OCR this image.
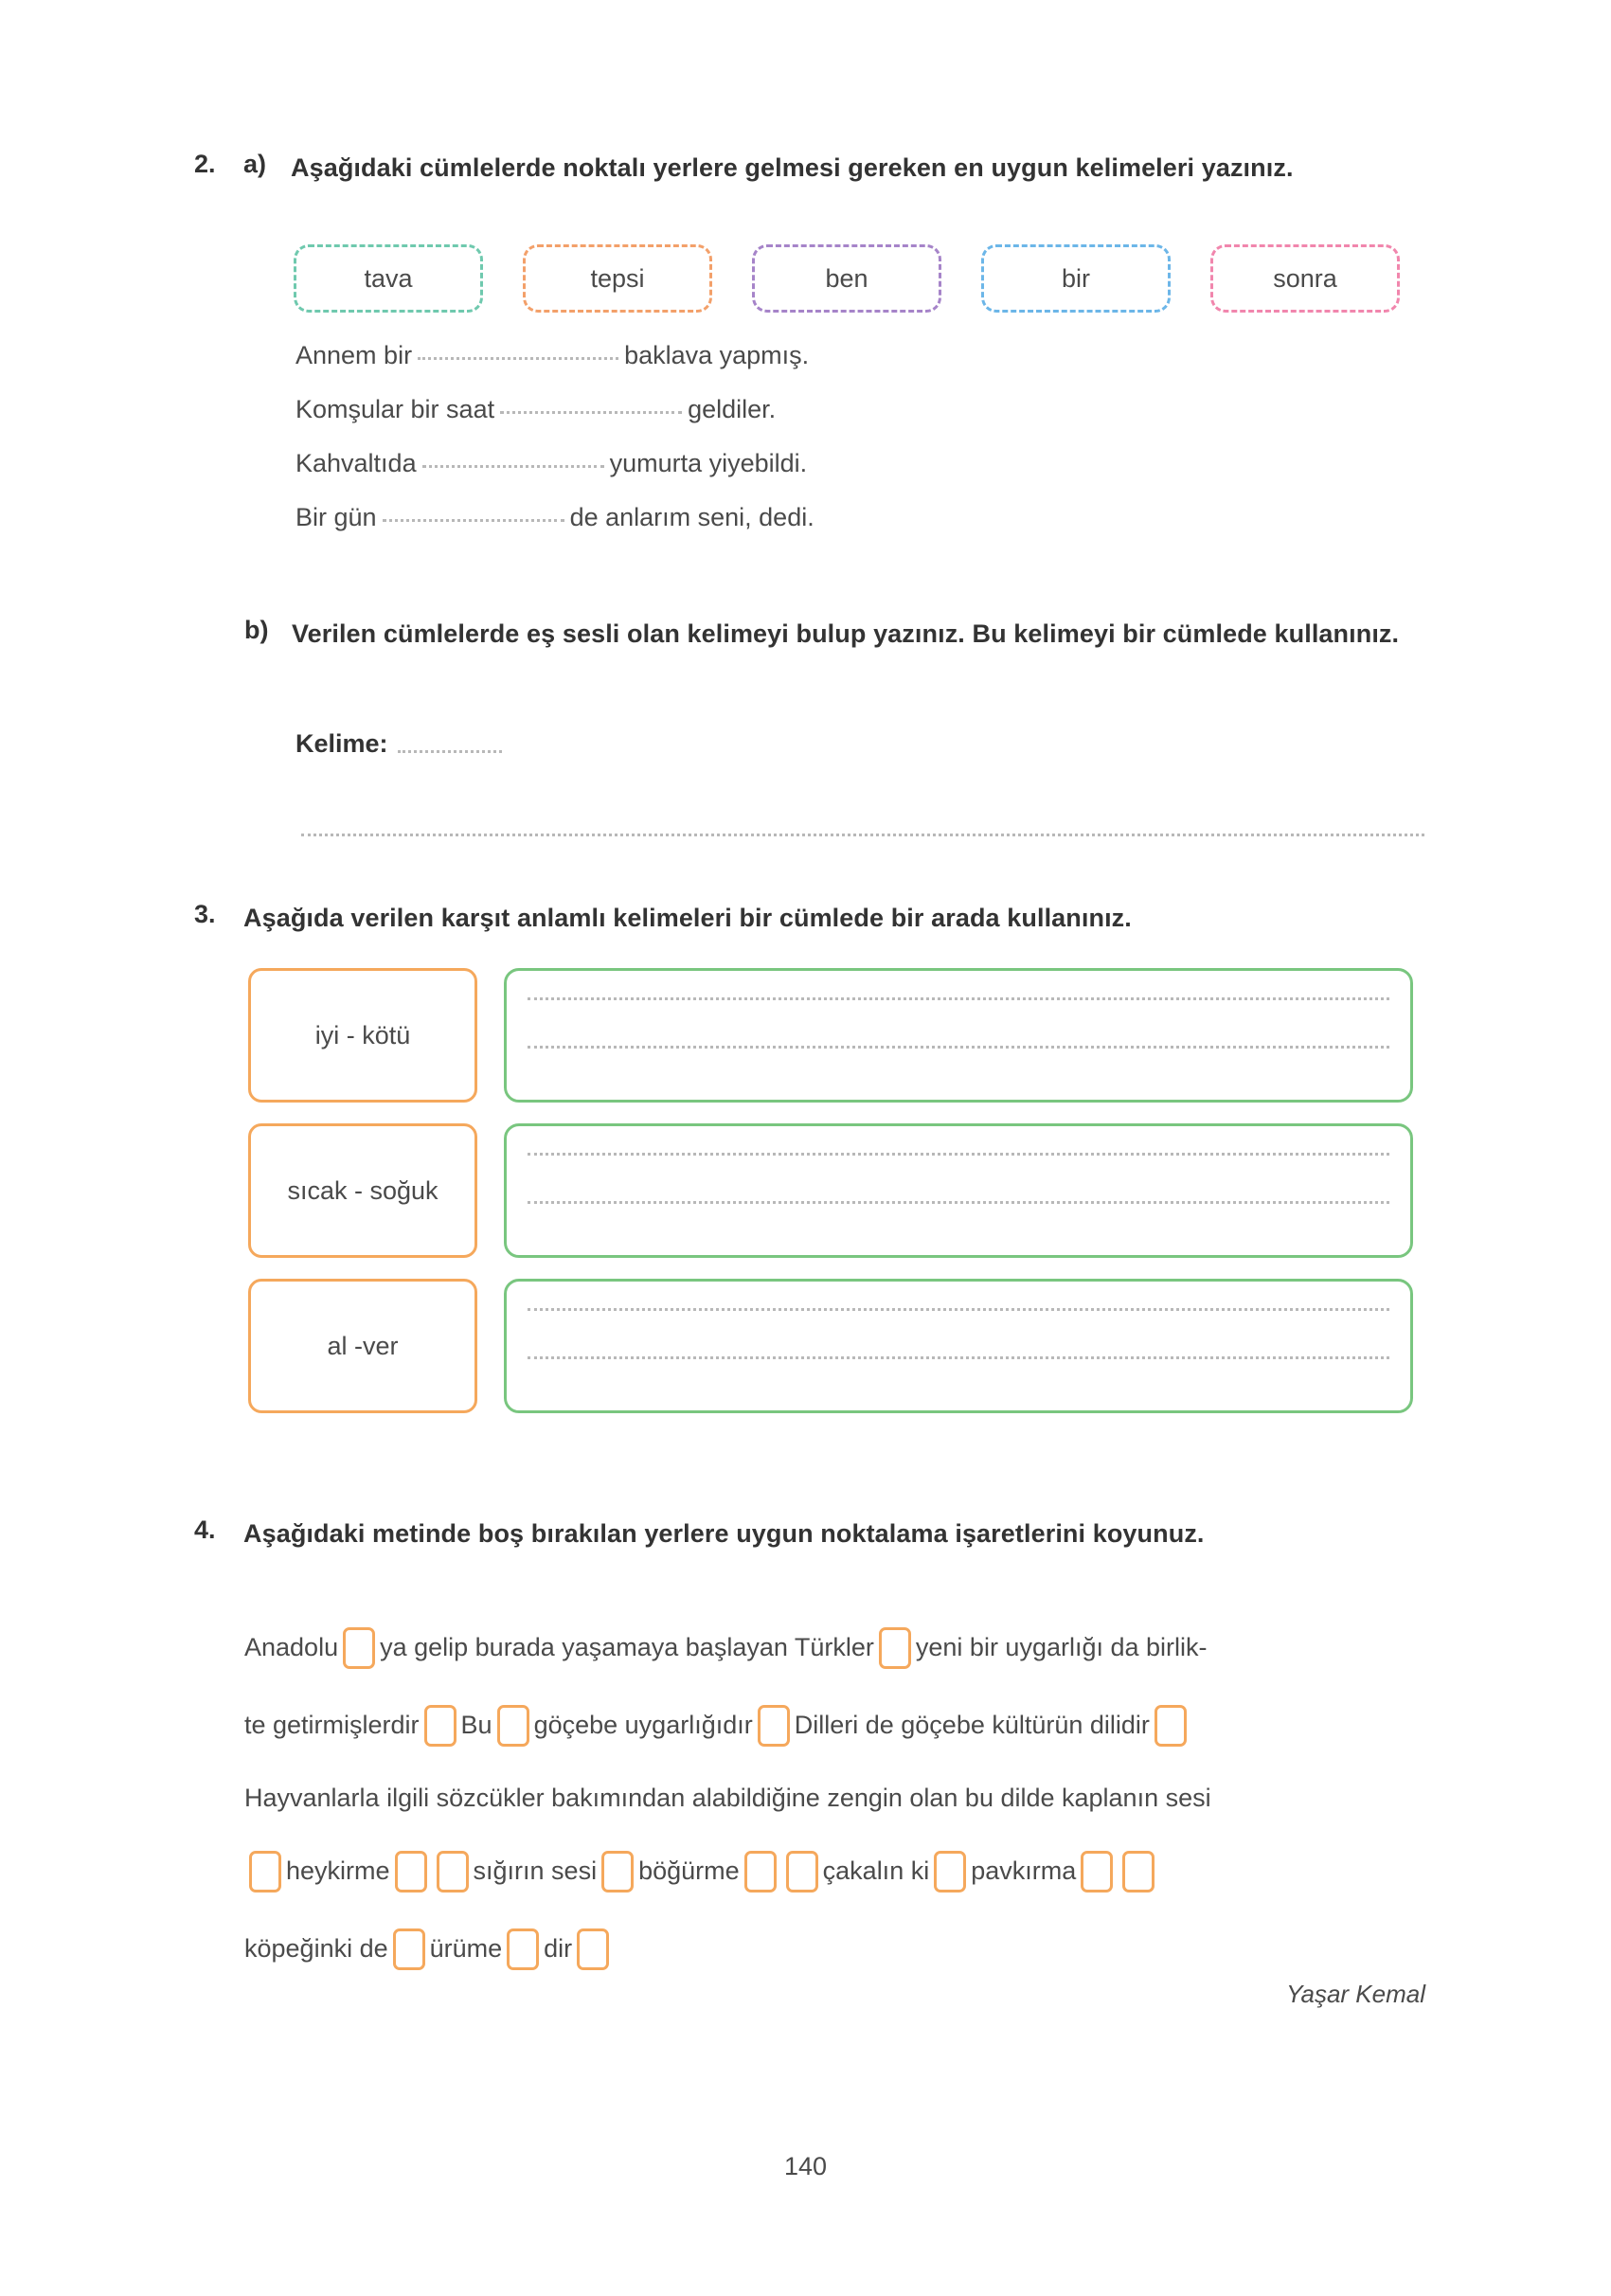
2.	a) Aşağıdaki cümlelerde noktalı yerlere gelmesi gereken en uygun kelimeleri yazınız.
tava	tepsi	ben	bir	sonra
Annem bir	baklava yapmış.
Komşular bir saat	geldiler.
Kahvaltıda	yumurta yiyebildi.
Bir gün	de anlarım seni, dedi.
b) Verilen cümlelerde eş sesli olan kelimeyi bulup yazınız. Bu kelimeyi bir cümlede kullanınız.
Kelime:
3.	Aşağıda verilen karşıt anlamlı kelimeleri bir cümlede bir arada kullanınız.
iyi - kötü
sıcak - soğuk
al -ver
4.	Aşağıdaki metinde boş bırakılan yerlere uygun noktalama işaretlerini koyunuz.
Anadolu ya gelip burada yaşamaya başlayan Türkler yeni bir uygarlığı da birlik-
te getirmişlerdir Bu göçebe uygarlığıdır Dilleri de göçebe kültürün dilidir
Hayvanlarla ilgili sözcükler bakımından alabildiğine zengin olan bu dilde kaplanın sesi
heykirme	sığırın sesi böğürme	çakalın ki pavkırma
köpeğinki de ürüme dir
Yaşar Kemal
140
